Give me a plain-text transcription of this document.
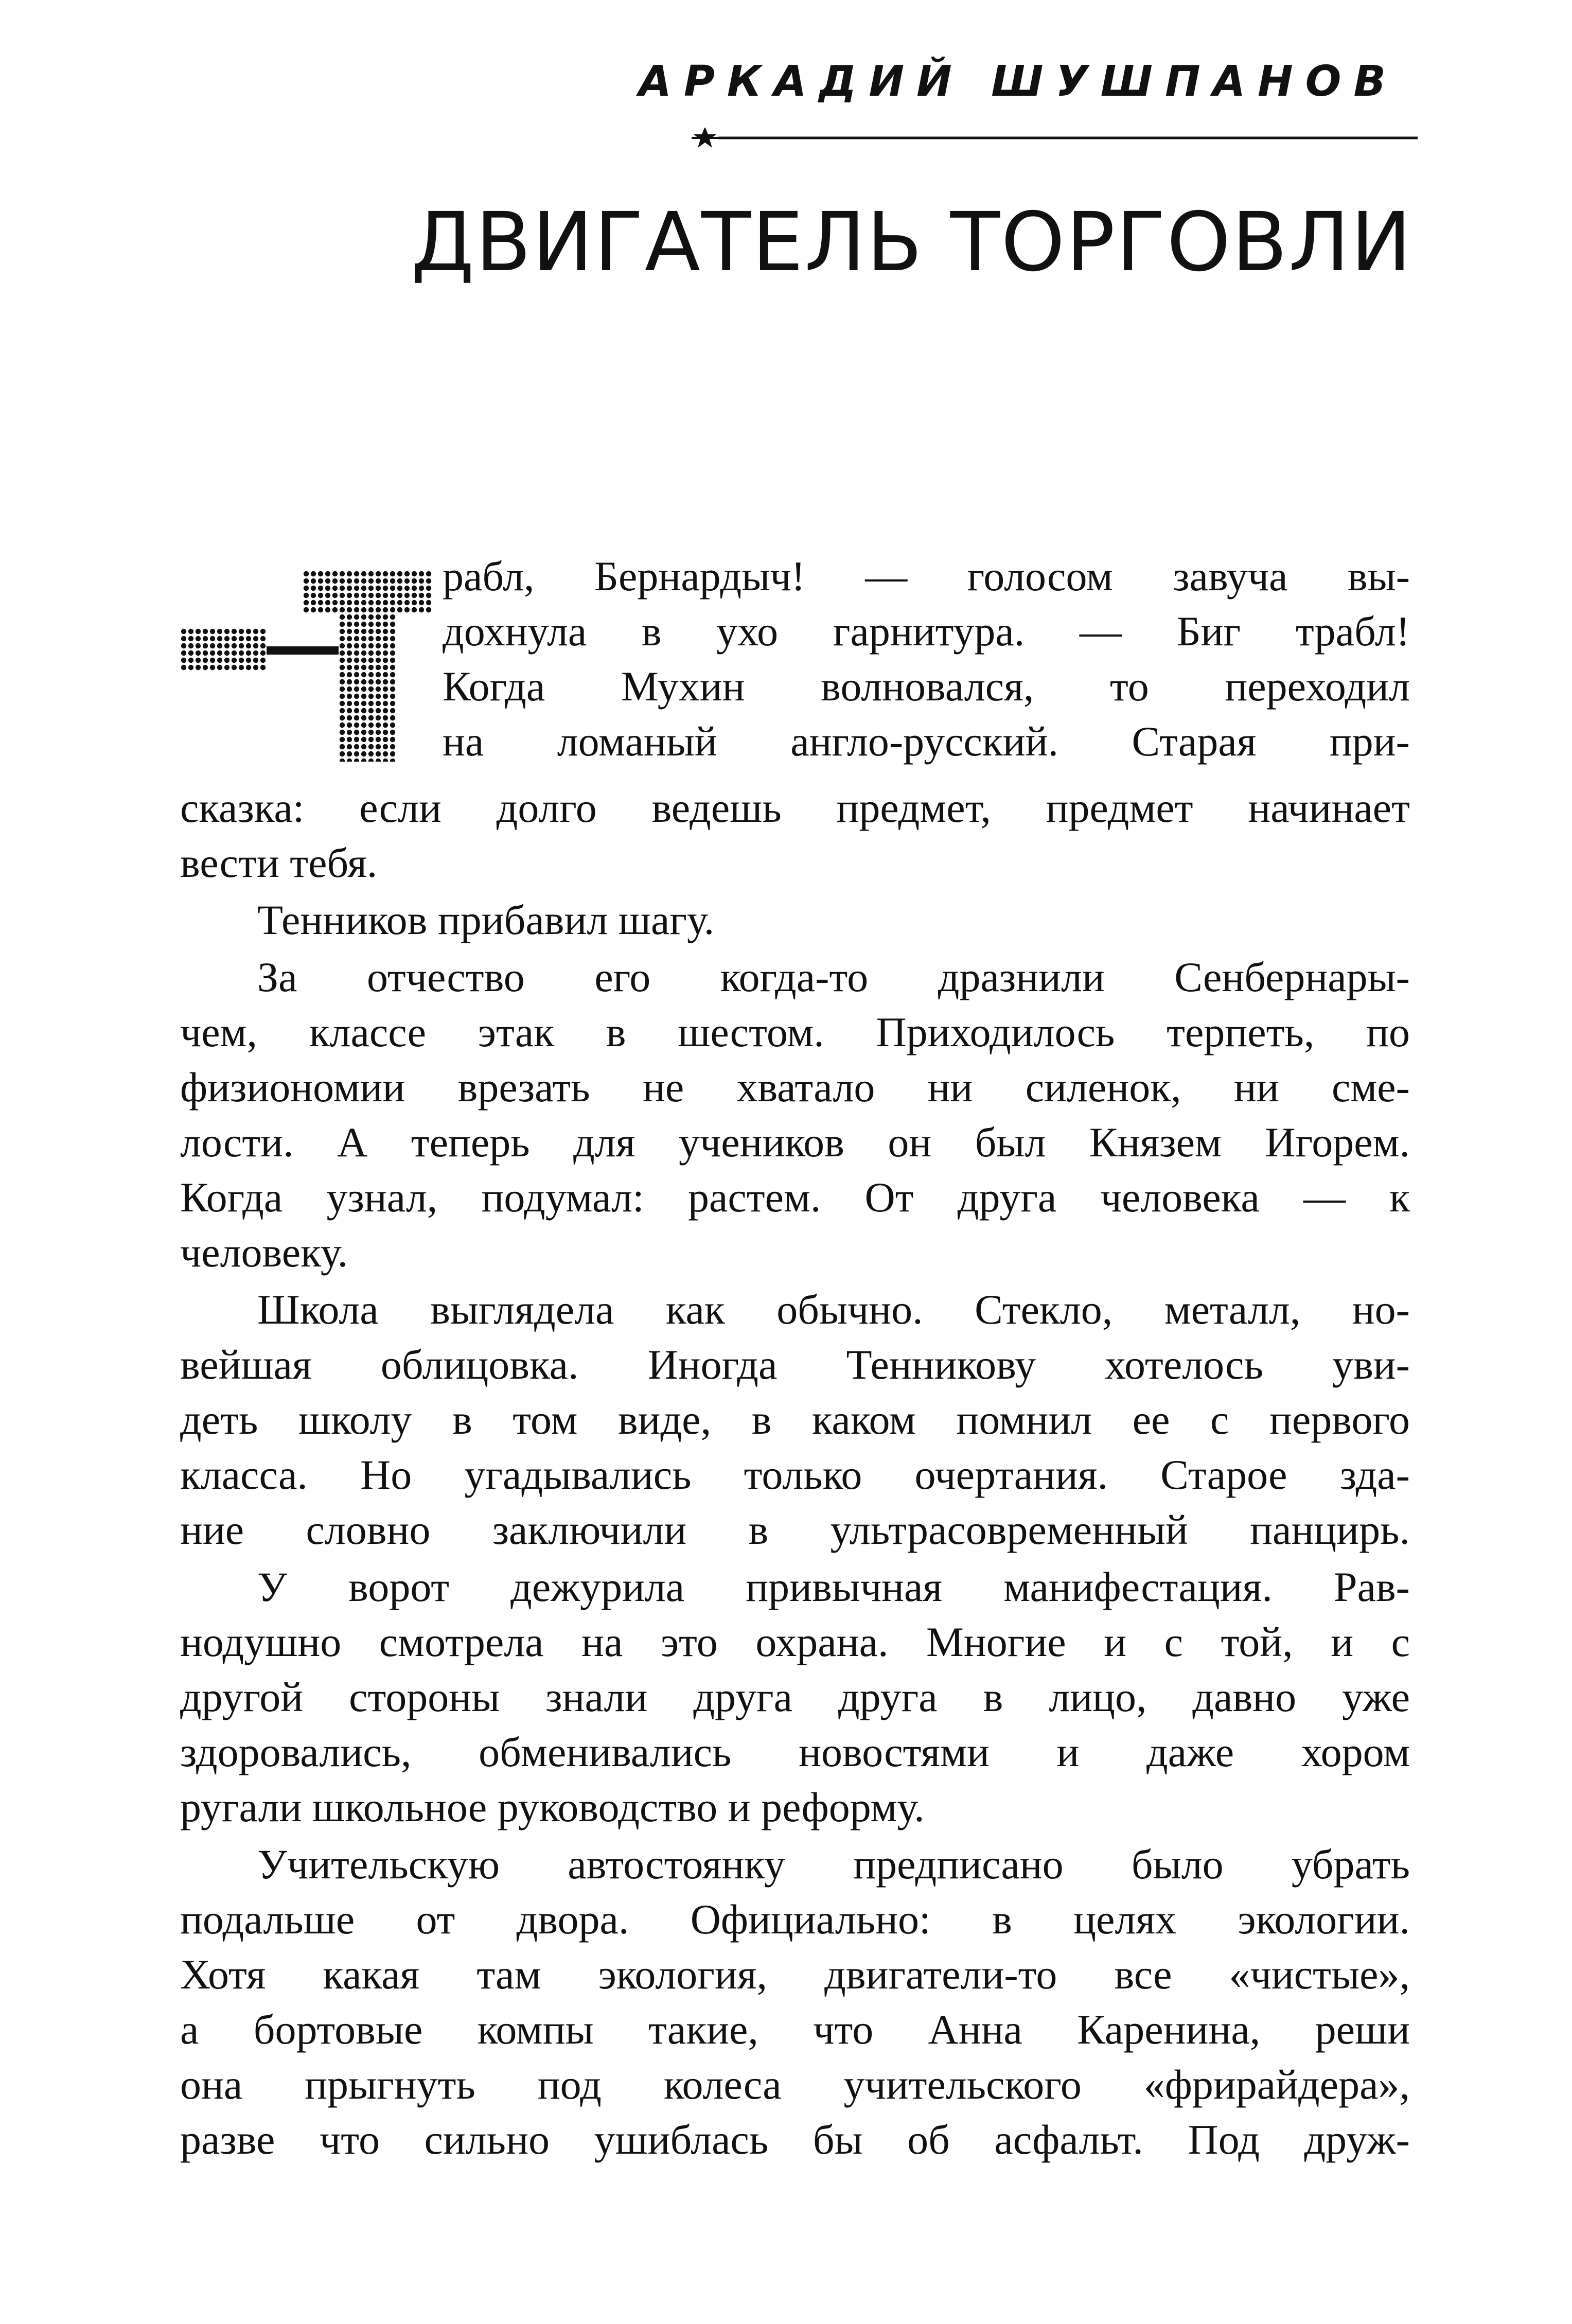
АРКАДИЙ ШУШПАНОВ
ДВИГАТЕЛЬ ТОРГОВЛИ
рабл, Бернардыч! — голосом завуча вы-
дохнула в ухо гарнитура. — Биг трабл!
Когда Мухин волновался, то переходил
на ломаный англо-русский. Старая при-
сказка: если долго ведешь предмет, предмет начинает
вести тебя.
Тенников прибавил шагу.
За отчество его когда-то дразнили Сенбернары-
чем, классе этак в шестом. Приходилось терпеть, по
физиономии врезать не хватало ни силенок, ни сме-
лости. А теперь для учеников он был Князем Игорем.
Когда узнал, подумал: растем. От друга человека — к
человеку.
Школа выглядела как обычно. Стекло, металл, но-
вейшая облицовка. Иногда Тенникову хотелось уви-
деть школу в том виде, в каком помнил ее с первого
класса. Но угадывались только очертания. Старое зда-
ние словно заключили в ультрасовременный панцирь.
У ворот дежурила привычная манифестация. Рав-
нодушно смотрела на это охрана. Многие и с той, и с
другой стороны знали друга друга в лицо, давно уже
здоровались, обменивались новостями и даже хором
ругали школьное руководство и реформу.
Учительскую автостоянку предписано было убрать
подальше от двора. Официально: в целях экологии.
Хотя какая там экология, двигатели-то все «чистые»,
а бортовые компы такие, что Анна Каренина, реши
она прыгнуть под колеса учительского «фрирайдера»,
разве что сильно ушиблась бы об асфальт. Под друж-
